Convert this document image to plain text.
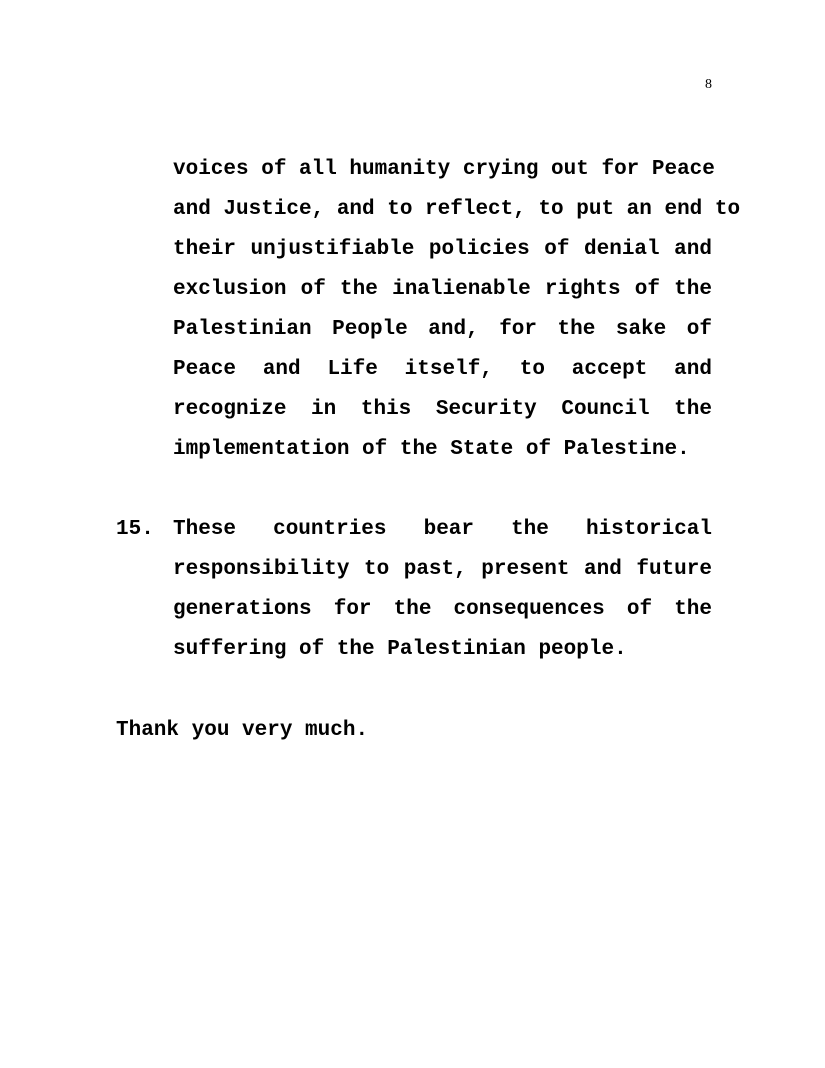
8
voices of all humanity crying out for Peace
and Justice, and to reflect, to put an end to
their unjustifiable policies of denial and
exclusion of the inalienable rights of the
Palestinian People and, for the sake of
Peace and Life itself, to accept and
recognize in this Security Council the
implementation of the State of Palestine.
15. These countries bear the historical
responsibility to past, present and future
generations for the consequences of the
suffering of the Palestinian people.
Thank you very much.
